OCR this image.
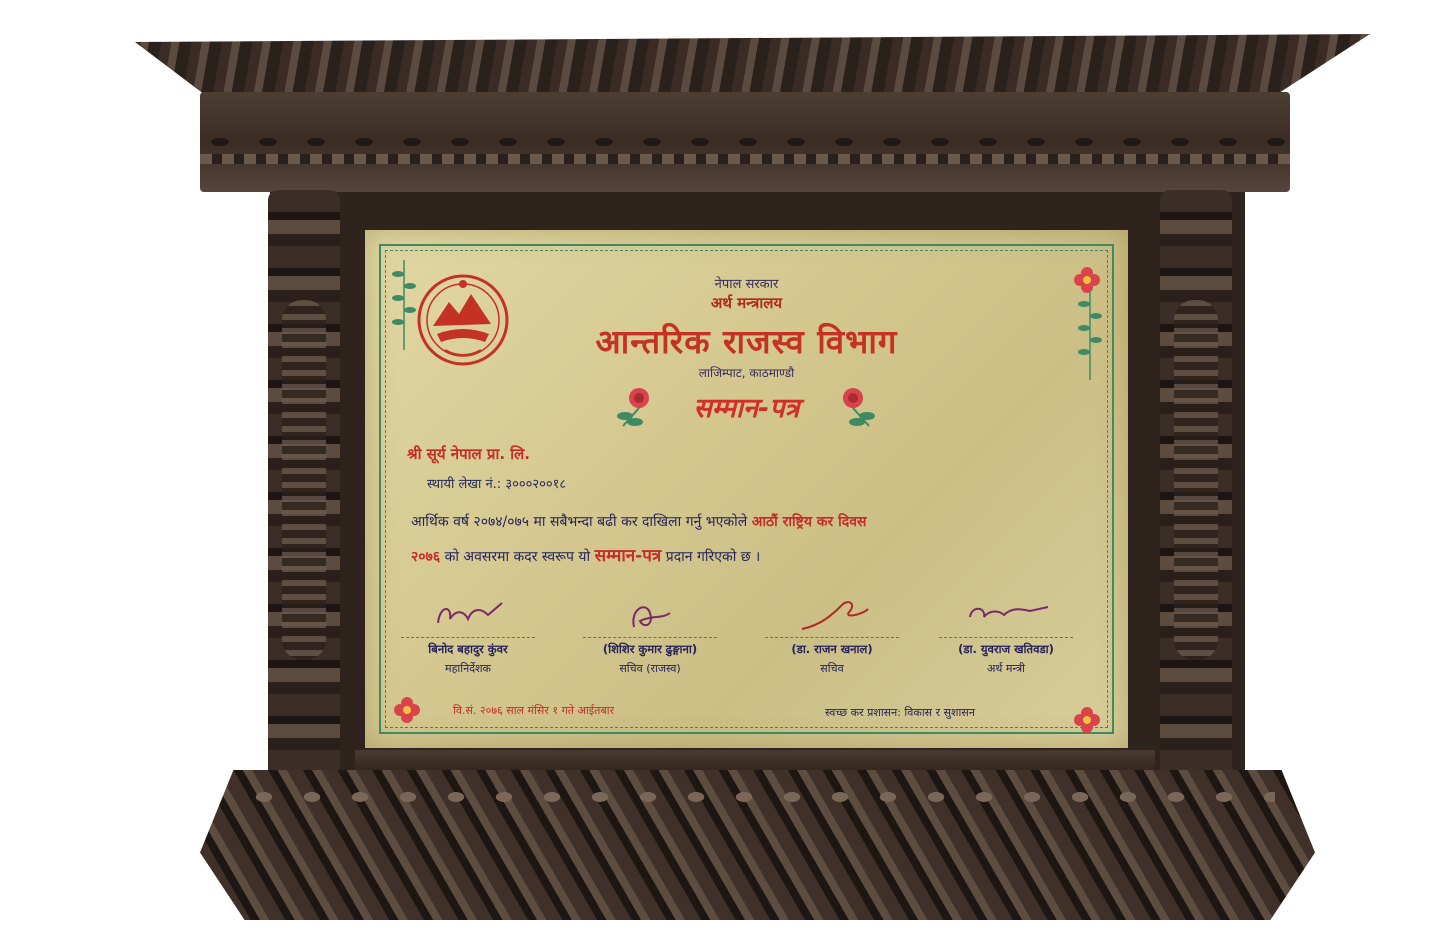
नेपाल सरकार
अर्थ मन्त्रालय
आन्तरिक राजस्व विभाग
लाजिम्पाट, काठमाण्डौ
सम्मान-पत्र
श्री सूर्य नेपाल प्रा. लि.
स्थायी लेखा नं.: ३०००२००१८
आर्थिक वर्ष २०७४/०७५ मा सबैभन्दा बढी कर दाखिला गर्नु भएकोले आठौं राष्ट्रिय कर दिवस
२०७६ को अवसरमा कदर स्वरूप यो सम्मान-पत्र प्रदान गरिएको छ ।
बिनोद बहादुर कुंवर
महानिर्देशक
(शिशिर कुमार ढुङ्गाना)
सचिव (राजस्व)
(डा. राजन खनाल)
सचिव
(डा. युवराज खतिवडा)
अर्थ मन्त्री
वि.सं. २०७६ साल मंसिर १ गते आईतबार	स्वच्छ कर प्रशासन: विकास र सुशासन
